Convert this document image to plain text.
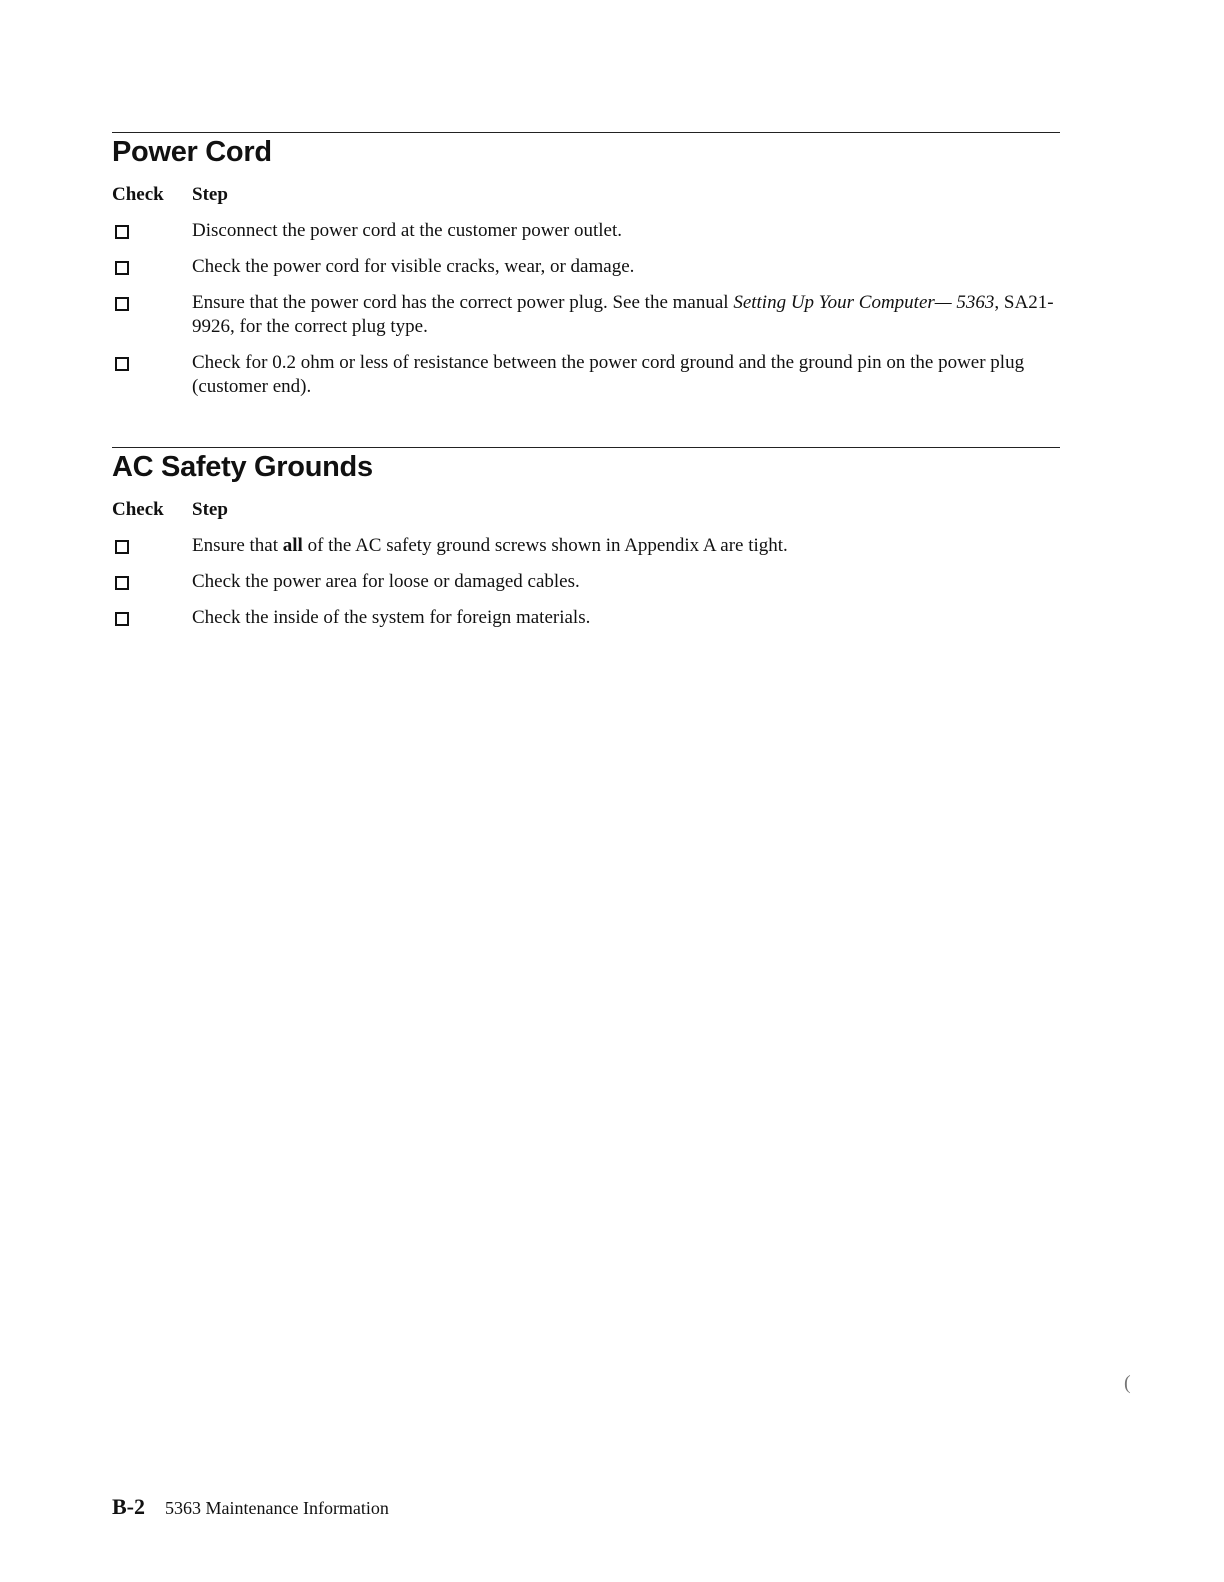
Power Cord
Check Step
Disconnect the power cord at the customer power outlet.
Check the power cord for visible cracks, wear, or damage.
Ensure that the power cord has the correct power plug. See the manual Setting Up Your Computer— 5363, SA21-9926, for the correct plug type.
Check for 0.2 ohm or less of resistance between the power cord ground and the ground pin on the power plug (customer end).
AC Safety Grounds
Check Step
Ensure that all of the AC safety ground screws shown in Appendix A are tight.
Check the power area for loose or damaged cables.
Check the inside of the system for foreign materials.
(
B-2 5363 Maintenance Information
